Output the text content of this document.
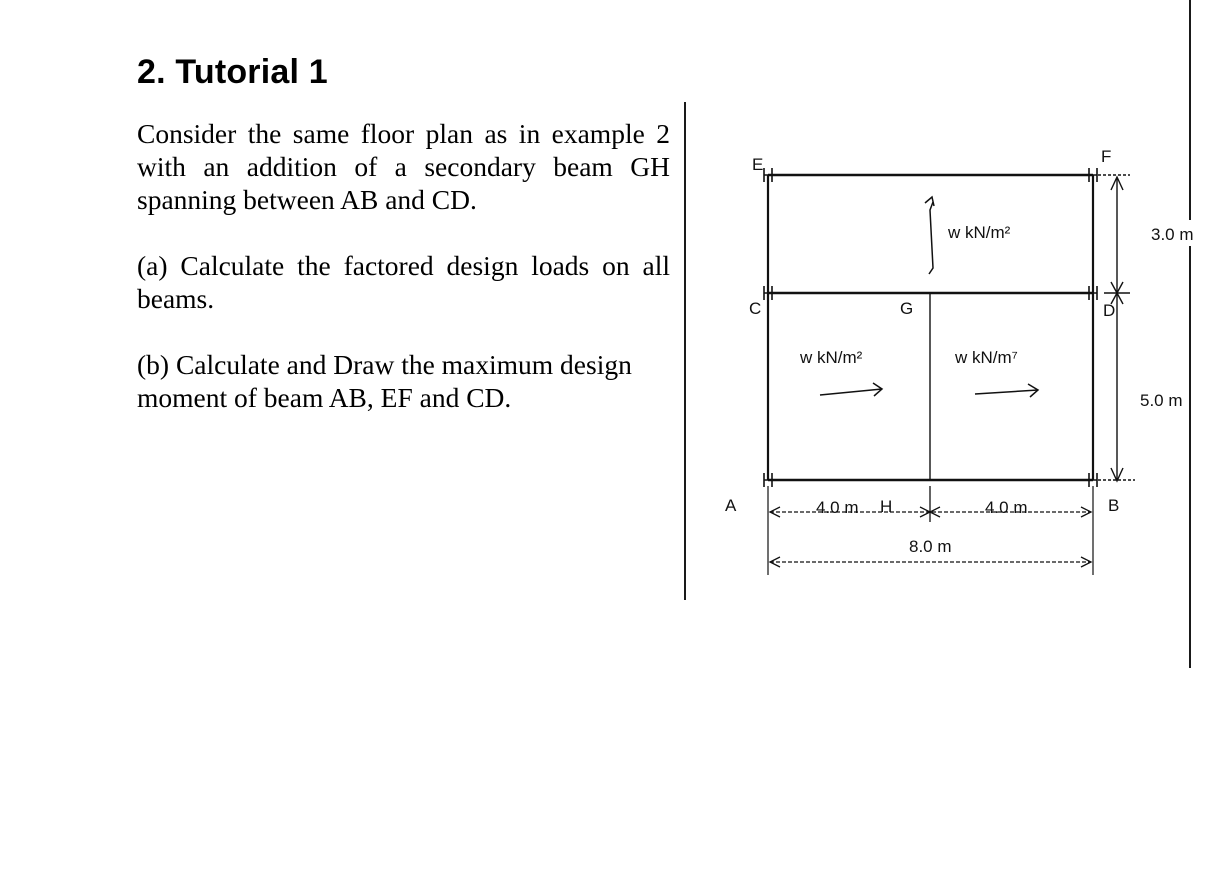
2. Tutorial 1

Consider the same floor plan as in example 2 with an addition of a secondary beam GH spanning between AB and CD.

(a) Calculate the factored design loads on all beams.

(b) Calculate and Draw the maximum design moment of beam AB, EF and CD.

E	F
C	D
G
A	B
H
w kN/m²
w kN/m²	w kN/m⁷
3.0 m
5.0 m
4.0 m	4.0 m
8.0 m
